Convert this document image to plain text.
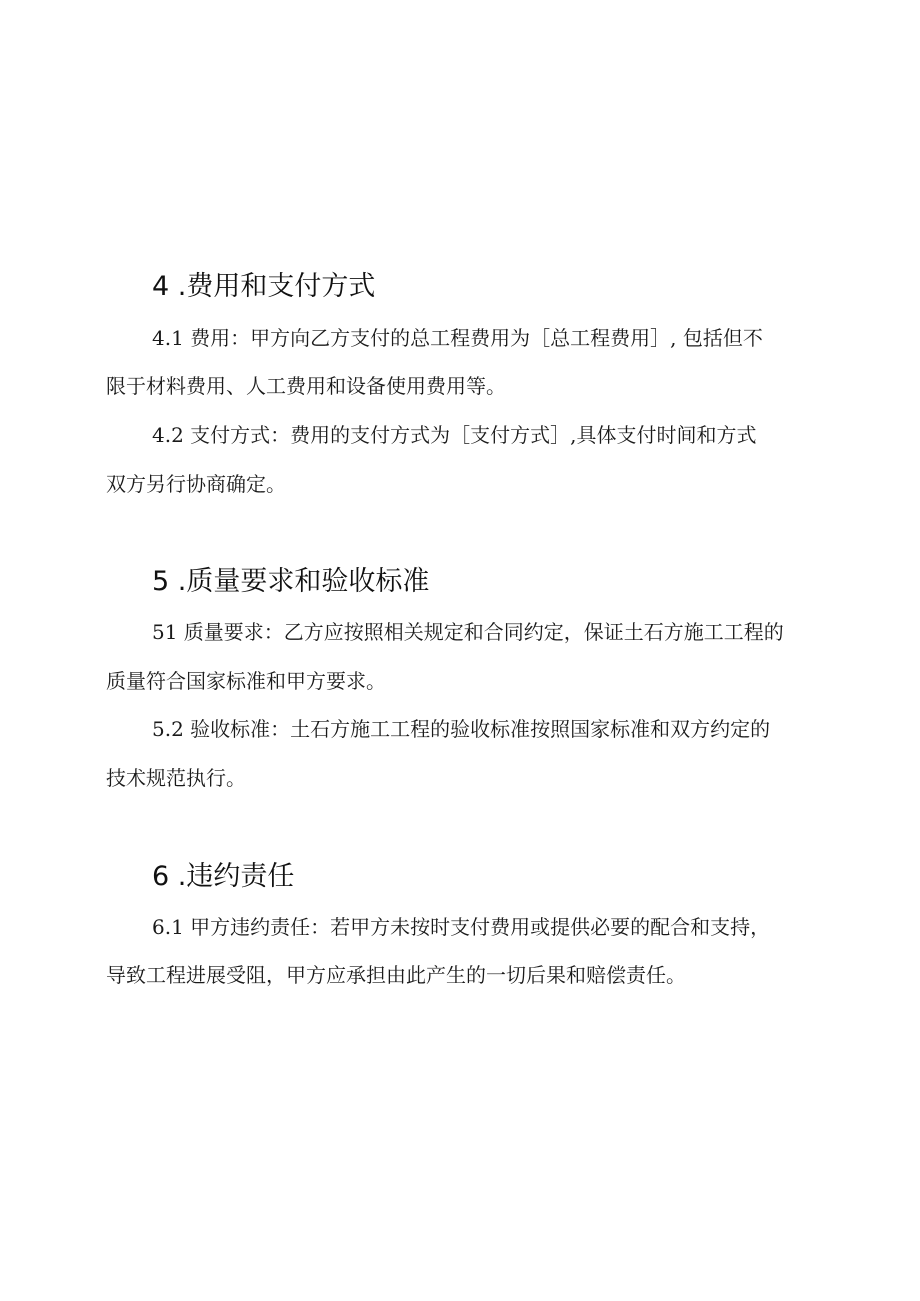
4 .费用和支付方式

4.1 费用：甲方向乙方支付的总工程费用为［总工程费用］, 包括但不

限于材料费用、人工费用和设备使用费用等。

4.2 支付方式：费用的支付方式为［支付方式］,具体支付时间和方式

双方另行协商确定。

5 .质量要求和验收标准

51 质量要求：乙方应按照相关规定和合同约定，保证土石方施工工程的

质量符合国家标准和甲方要求。

5.2 验收标准：土石方施工工程的验收标准按照国家标准和双方约定的

技术规范执行。

6 .违约责任

6.1 甲方违约责任：若甲方未按时支付费用或提供必要的配合和支持，

导致工程进展受阻，甲方应承担由此产生的一切后果和赔偿责任。
